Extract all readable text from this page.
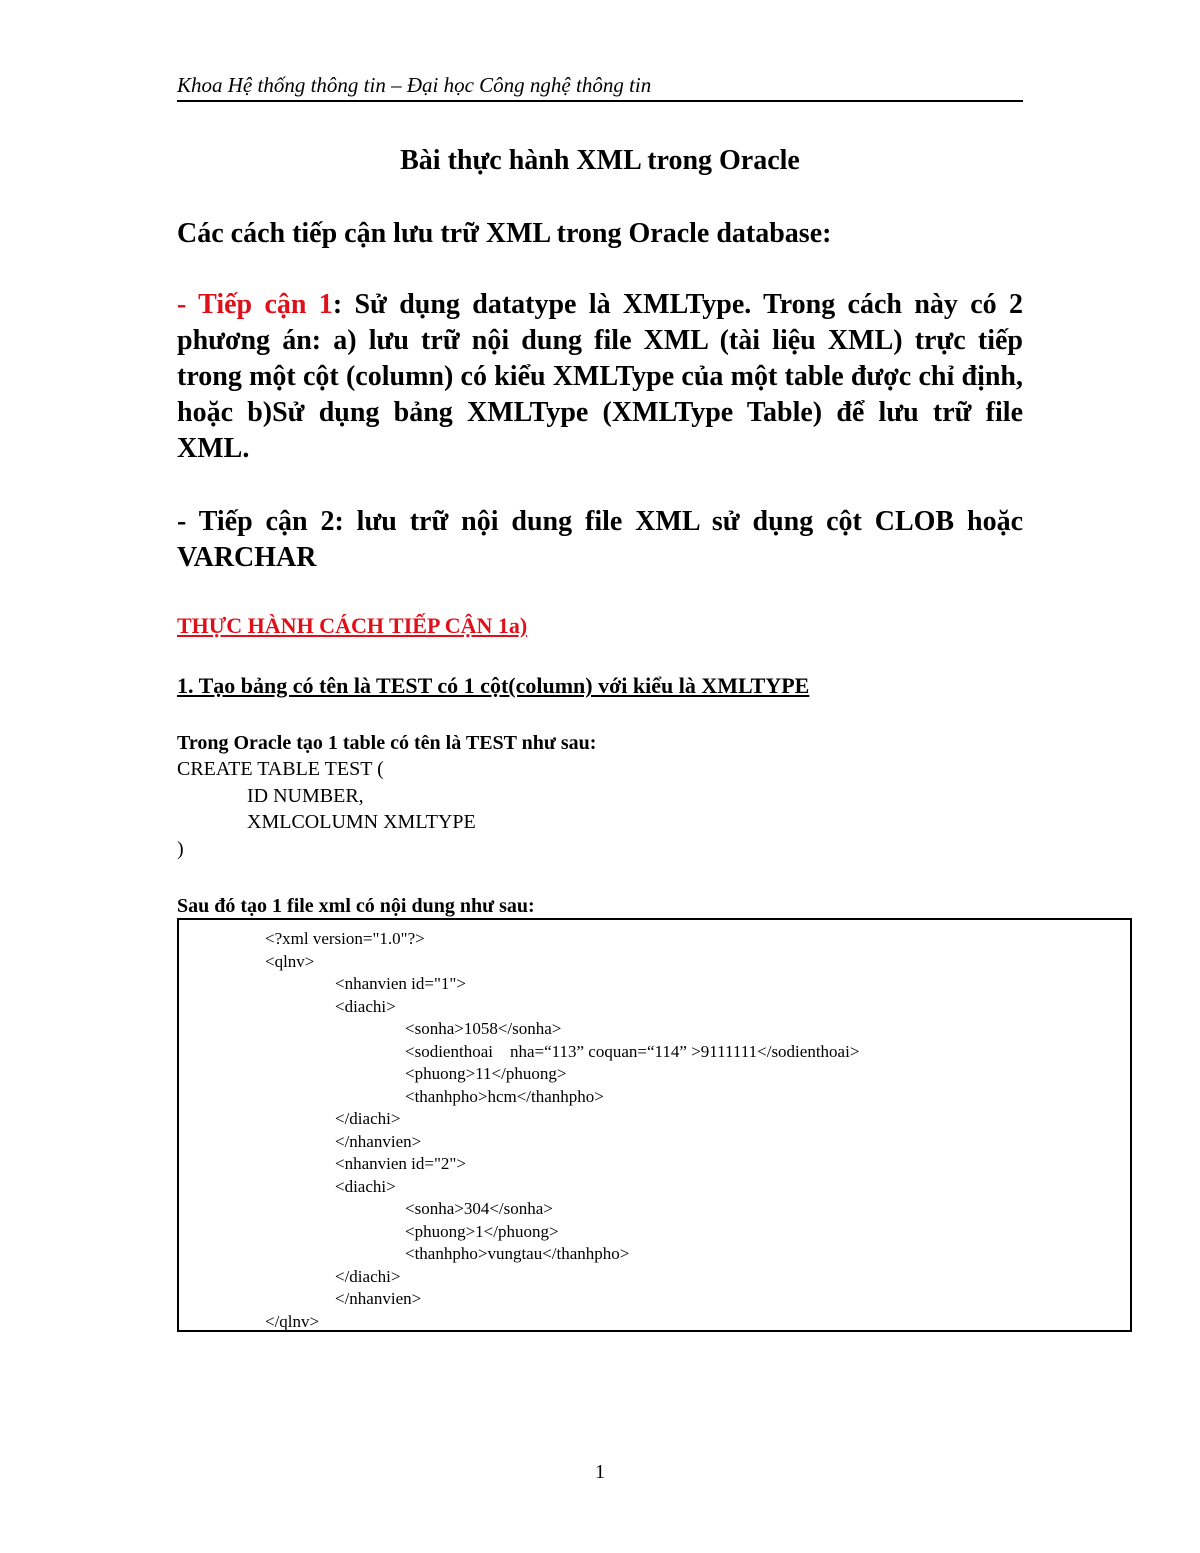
Khoa Hệ thống thông tin – Đại học Công nghệ thông tin
Bài thực hành XML trong Oracle
Các cách tiếp cận lưu trữ XML trong Oracle database:
- Tiếp cận 1: Sử dụng datatype là XMLType. Trong cách này có 2 phương án: a) lưu trữ nội dung file XML (tài liệu XML) trực tiếp trong một cột (column) có kiểu XMLType của một table được chỉ định, hoặc b)Sử dụng bảng XMLType (XMLType Table) để lưu trữ file XML.
- Tiếp cận 2: lưu trữ nội dung file XML sử dụng cột CLOB hoặc VARCHAR
THỰC HÀNH CÁCH TIẾP CẬN 1a)
1. Tạo bảng có tên là TEST có 1 cột(column) với kiểu là XMLTYPE
Trong Oracle tạo 1 table có tên là TEST như sau:
CREATE TABLE TEST (
ID NUMBER,
XMLCOLUMN XMLTYPE
)
Sau đó tạo 1 file xml có nội dung như sau:
<?xml version="1.0"?>
<qlnv>
<nhanvien id="1">
<diachi>
<sonha>1058</sonha>
<sodienthoai    nha=“113” coquan=“114” >9111111</sodienthoai>
<phuong>11</phuong>
<thanhpho>hcm</thanhpho>
</diachi>
</nhanvien>
<nhanvien id="2">
<diachi>
<sonha>304</sonha>
<phuong>1</phuong>
<thanhpho>vungtau</thanhpho>
</diachi>
</nhanvien>
</qlnv>
1
